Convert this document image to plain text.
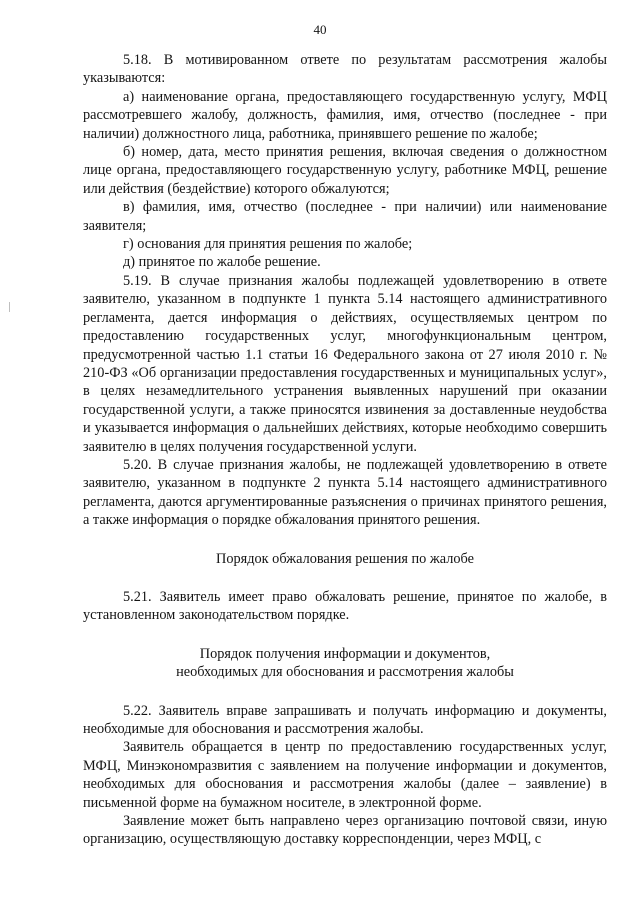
40

5.18. В мотивированном ответе по результатам рассмотрения жалобы указываются:

а) наименование органа, предоставляющего государственную услугу, МФЦ рассмотревшего жалобу, должность, фамилия, имя, отчество (последнее - при наличии) должностного лица, работника, принявшего решение по жалобе;

б) номер, дата, место принятия решения, включая сведения о должностном лице органа, предоставляющего государственную услугу, работнике МФЦ, решение или действия (бездействие) которого обжалуются;

в) фамилия, имя, отчество (последнее - при наличии) или наименование заявителя;

г) основания для принятия решения по жалобе;

д) принятое по жалобе решение.

5.19. В случае признания жалобы подлежащей удовлетворению в ответе заявителю, указанном в подпункте 1 пункта 5.14 настоящего административного регламента, дается информация о действиях, осуществляемых центром по предоставлению государственных услуг, многофункциональным центром, предусмотренной частью 1.1 статьи 16 Федерального закона от 27 июля 2010 г. № 210-ФЗ «Об организации предоставления государственных и муниципальных услуг», в целях незамедлительного устранения выявленных нарушений при оказании государственной услуги, а также приносятся извинения за доставленные неудобства и указывается информация о дальнейших действиях, которые необходимо совершить заявителю в целях получения государственной услуги.

5.20. В случае признания жалобы, не подлежащей удовлетворению в ответе заявителю, указанном в подпункте 2 пункта 5.14 настоящего административного регламента, даются аргументированные разъяснения о причинах принятого решения, а также информация о порядке обжалования принятого решения.

Порядок обжалования решения по жалобе

5.21. Заявитель имеет право обжаловать решение, принятое по жалобе, в установленном законодательством порядке.

Порядок получения информации и документов,

необходимых для обоснования и рассмотрения жалобы

5.22. Заявитель вправе запрашивать и получать информацию и документы, необходимые для обоснования и рассмотрения жалобы.

Заявитель обращается в центр по предоставлению государственных услуг, МФЦ, Минэкономразвития с заявлением на получение информации и документов, необходимых для обоснования и рассмотрения жалобы (далее – заявление) в письменной форме на бумажном носителе, в электронной форме.

Заявление может быть направлено через организацию почтовой связи, иную организацию, осуществляющую доставку корреспонденции, через МФЦ, с
